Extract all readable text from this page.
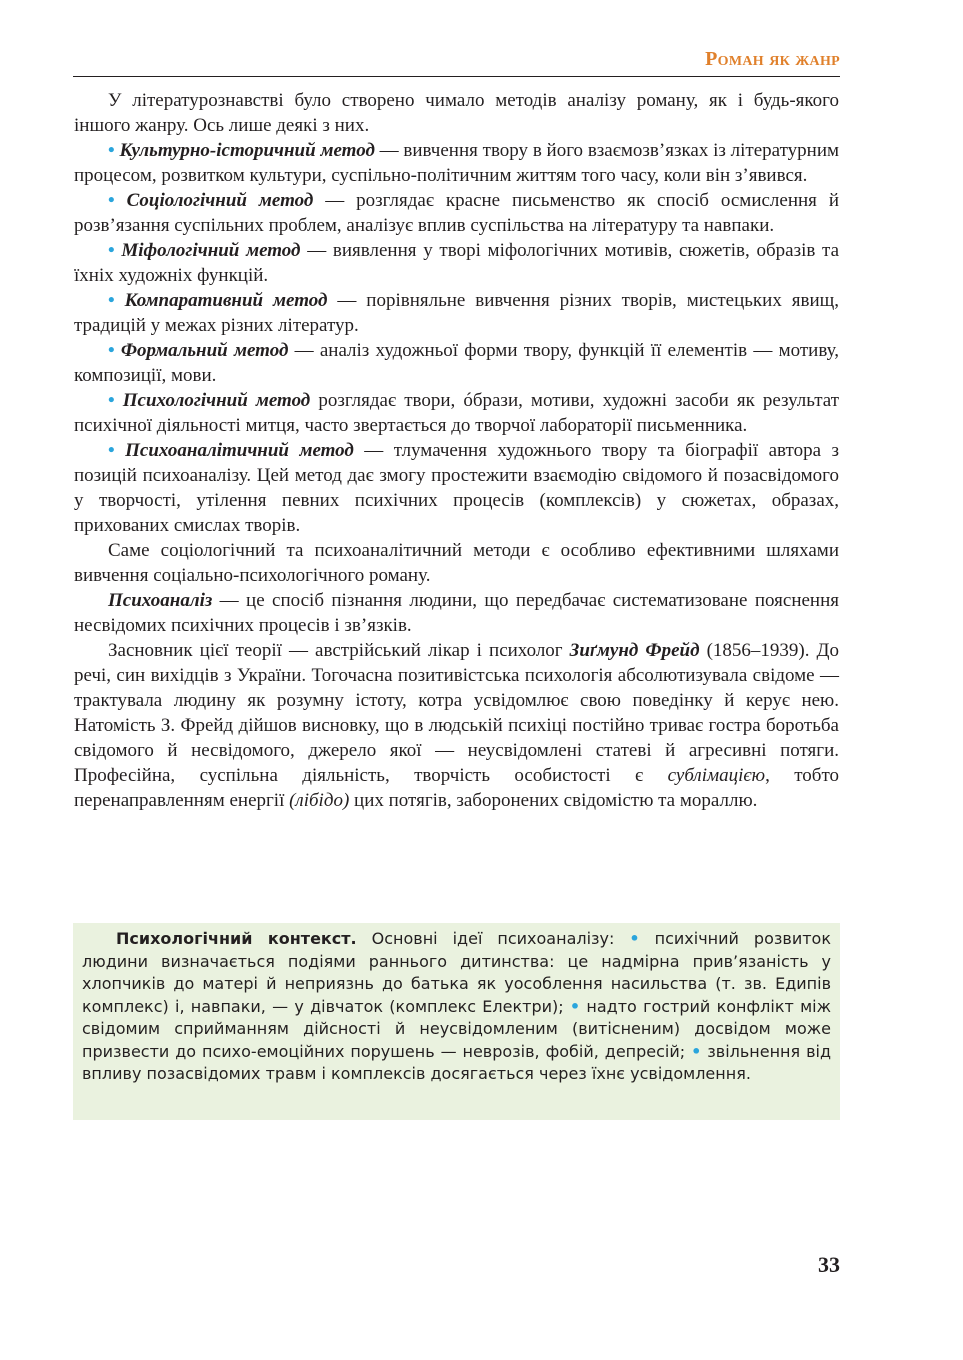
Роман як жанр

У літературознавстві було створено чимало методів аналізу роману, як і будь-якого іншого жанру. Ось лише деякі з них.

• Культурно-історичний метод — вивчення твору в його взаємозв’язках із літературним процесом, розвитком культури, суспільно-політичним життям того часу, коли він з’явився.

• Соціологічний метод — розглядає красне письменство як спосіб осмислення й розв’язання суспільних проблем, аналізує вплив суспільства на літературу та навпаки.

• Міфологічний метод — виявлення у творі міфологічних мотивів, сюжетів, образів та їхніх художніх функцій.

• Компаративний метод — порівняльне вивчення різних творів, мистецьких явищ, традицій у межах різних літератур.

• Формальний метод — аналіз художньої форми твору, функцій її елементів — мотиву, композиції, мови.

• Психологічний метод розглядає твори, óбрази, мотиви, художні засоби як результат психічної діяльності митця, часто звертається до творчої лабораторії письменника.

• Психоаналітичний метод — тлумачення художнього твору та біографії автора з позицій психоаналізу. Цей метод дає змогу простежити взаємодію свідомого й позасвідомого у творчості, утілення певних психічних процесів (комплексів) у сюжетах, образах, прихованих смислах творів.

Саме соціологічний та психоаналітичний методи є особливо ефективними шляхами вивчення соціально-психологічного роману.

Психоаналіз — це спосіб пізнання людини, що передбачає систематизоване пояснення несвідомих психічних процесів і зв’язків.

Засновник цієї теорії — австрійський лікар і психолог Зиґмунд Фрейд (1856–1939). До речі, син вихідців з України. Тогочасна позитивістська психологія абсолютизувала свідоме — трактувала людину як розумну істоту, котра усвідомлює свою поведінку й керує нею. Натомість З. Фрейд дійшов висновку, що в людській психіці постійно триває гостра боротьба свідомого й несвідомого, джерело якої — неусвідомлені статеві й агресивні потяги. Професійна, суспільна діяльність, творчість особистості є сублімацією, тобто перенаправленням енергії (лібідо) цих потягів, заборонених свідомістю та мораллю.

Психологічний контекст. Основні ідеї психоаналізу: • психічний розвиток людини визначається подіями раннього дитинства: це надмірна прив’язаність у хлопчиків до матері й неприязнь до батька як уособлення насильства (т. зв. Едипів комплекс) і, навпаки, — у дівчаток (комплекс Електри); • надто гострий конфлікт між свідомим сприйманням дійсності й неусвідомленим (витісненим) досвідом може призвести до психо-емоційних порушень — неврозів, фобій, депресій; • звільнення від впливу позасвідомих травм і комплексів досягається через їхнє усвідомлення.

33
